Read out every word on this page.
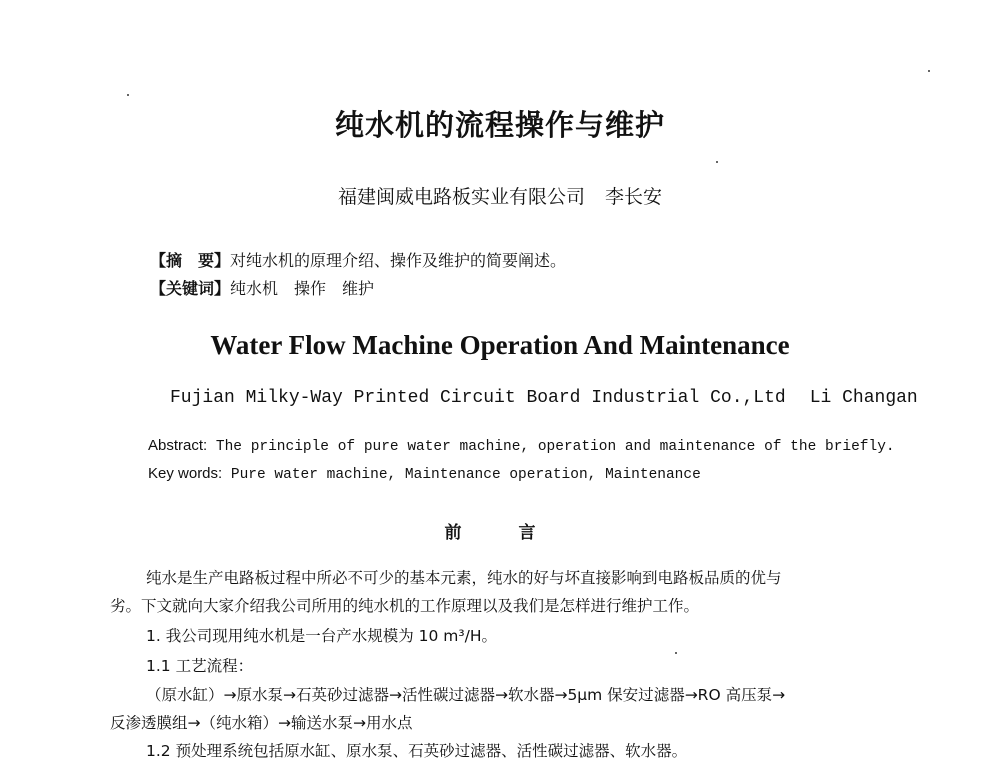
纯水机的流程操作与维护
福建闽威电路板实业有限公司 李长安
【摘　要】对纯水机的原理介绍、操作及维护的简要阐述。
【关键词】纯水机　操作　维护
Water Flow Machine Operation And Maintenance
Fujian Milky-Way Printed Circuit Board Industrial Co.,Ltd Li Changan
Abstract: The principle of pure water machine, operation and maintenance of the briefly.
Key words: Pure water machine, Maintenance operation, Maintenance
前　言
纯水是生产电路板过程中所必不可少的基本元素，纯水的好与坏直接影响到电路板品质的优与
劣。下文就向大家介绍我公司所用的纯水机的工作原理以及我们是怎样进行维护工作。
1. 我公司现用纯水机是一台产水规模为 10 m³/H。
1.1 工艺流程：
（原水缸）→原水泵→石英砂过滤器→活性碳过滤器→软水器→5μm 保安过滤器→RO 高压泵→
反渗透膜组→（纯水箱）→输送水泵→用水点
1.2 预处理系统包括原水缸、原水泵、石英砂过滤器、活性碳过滤器、软水器。
